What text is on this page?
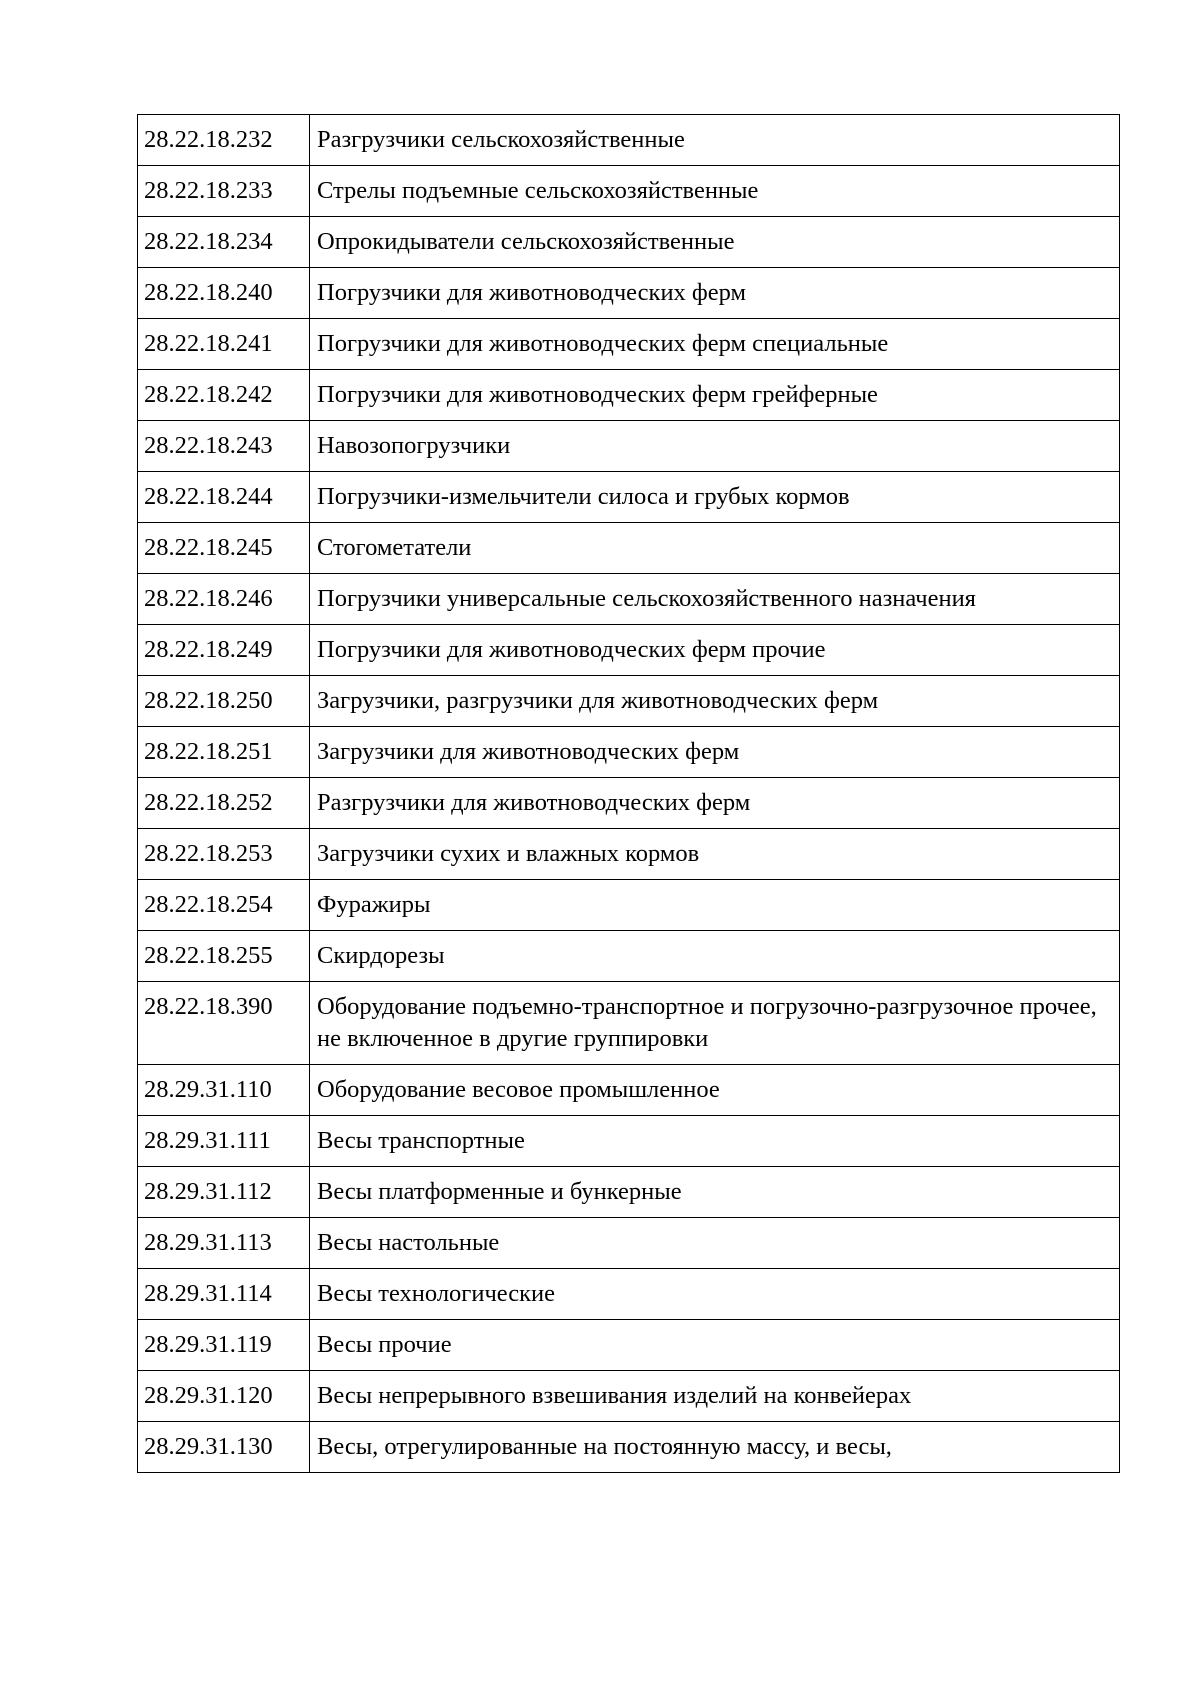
28.22.18.232	Разгрузчики сельскохозяйственные
28.22.18.233	Стрелы подъемные сельскохозяйственные
28.22.18.234	Опрокидыватели сельскохозяйственные
28.22.18.240	Погрузчики для животноводческих ферм
28.22.18.241	Погрузчики для животноводческих ферм специальные
28.22.18.242	Погрузчики для животноводческих ферм грейферные
28.22.18.243	Навозопогрузчики
28.22.18.244	Погрузчики-измельчители силоса и грубых кормов
28.22.18.245	Стогометатели
28.22.18.246	Погрузчики универсальные сельскохозяйственного назначения
28.22.18.249	Погрузчики для животноводческих ферм прочие
28.22.18.250	Загрузчики, разгрузчики для животноводческих ферм
28.22.18.251	Загрузчики для животноводческих ферм
28.22.18.252	Разгрузчики для животноводческих ферм
28.22.18.253	Загрузчики сухих и влажных кормов
28.22.18.254	Фуражиры
28.22.18.255	Скирдорезы
28.22.18.390	Оборудование подъемно-транспортное и погрузочно-разгрузочное прочее, не включенное в другие группировки
28.29.31.110	Оборудование весовое промышленное
28.29.31.111	Весы транспортные
28.29.31.112	Весы платформенные и бункерные
28.29.31.113	Весы настольные
28.29.31.114	Весы технологические
28.29.31.119	Весы прочие
28.29.31.120	Весы непрерывного взвешивания изделий на конвейерах
28.29.31.130	Весы, отрегулированные на постоянную массу, и весы,
